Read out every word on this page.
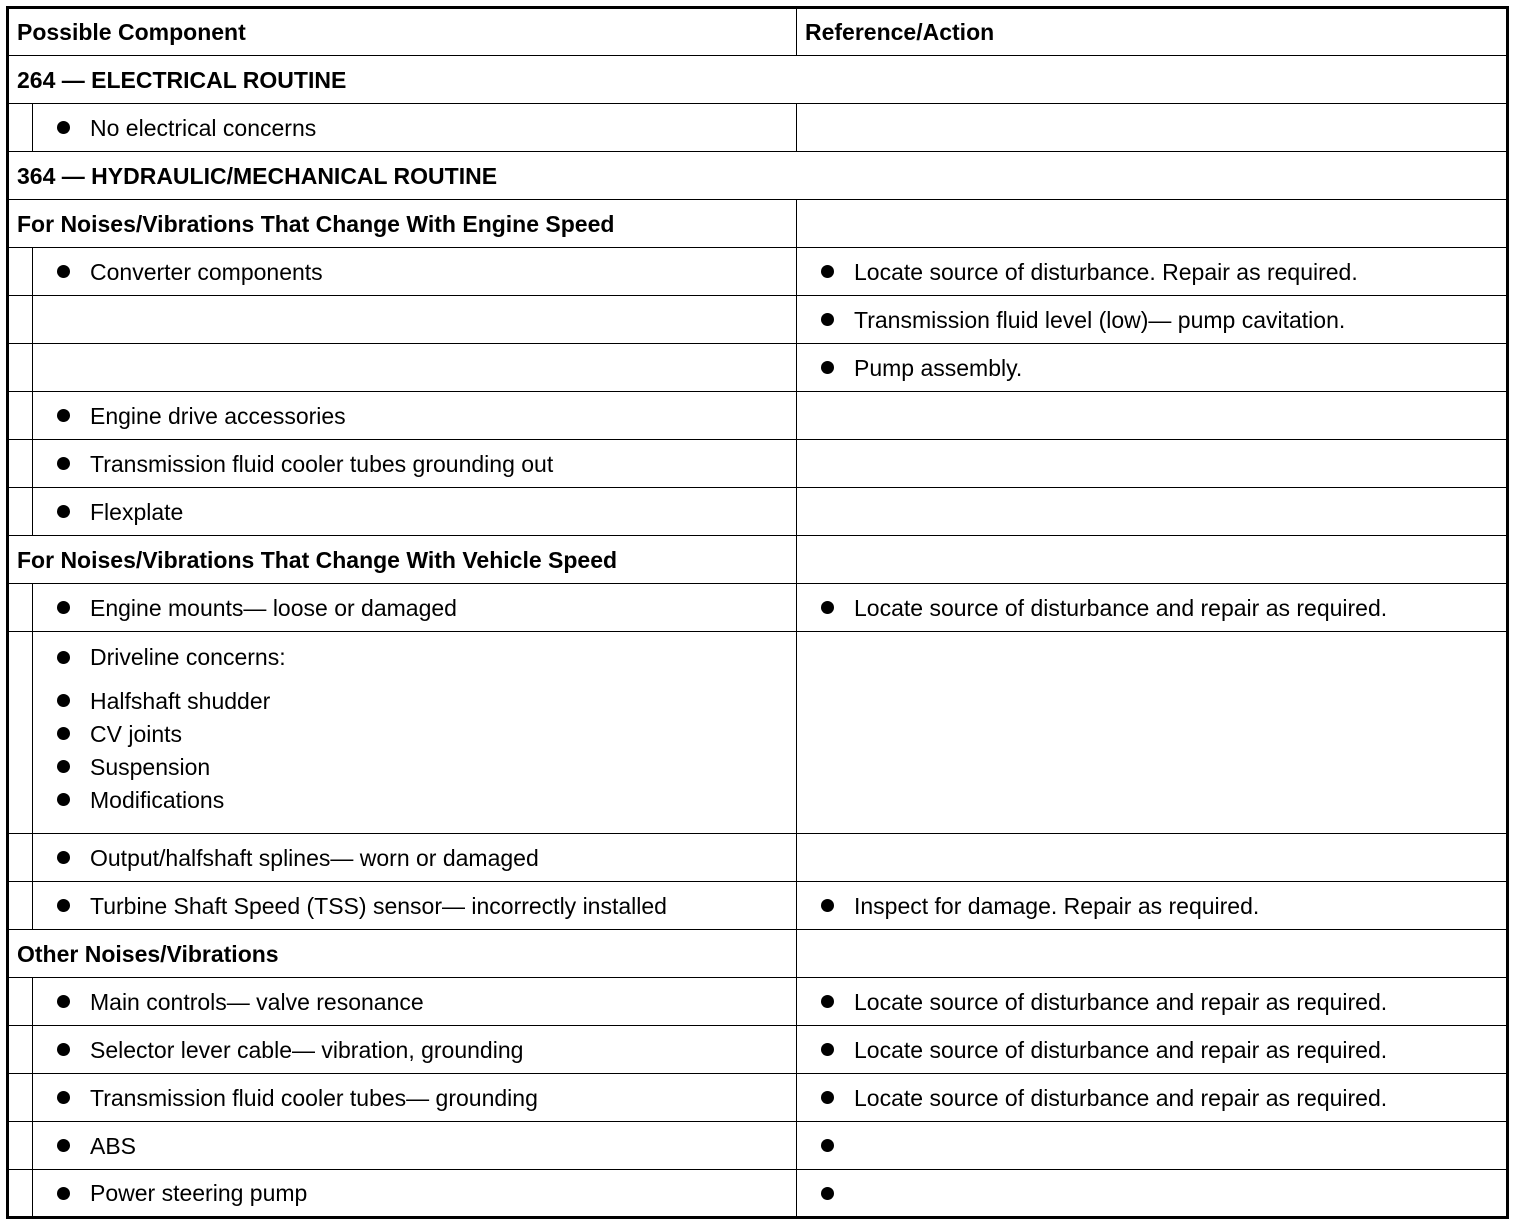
Possible Component		Reference/Action
264 — ELECTRICAL ROUTINE		

	No electrical concerns	

364 — HYDRAULIC/MECHANICAL ROUTINE		
For Noises/Vibrations That Change With Engine Speed		

	Converter components	Locate source of disturbance. Repair as required.

		Transmission fluid level (low)— pump cavitation.

		Pump assembly.

	Engine drive accessories	

	Transmission fluid cooler tubes grounding out	

	Flexplate	

For Noises/Vibrations That Change With Vehicle Speed		

	Engine mounts— loose or damaged	Locate source of disturbance and repair as required.

	Driveline concerns:
Halfshaft shudder
CV joints
Suspension
Modifications	

	Output/halfshaft splines— worn or damaged	

	Turbine Shaft Speed (TSS) sensor— incorrectly installed	Inspect for damage. Repair as required.

Other Noises/Vibrations		

	Main controls— valve resonance	Locate source of disturbance and repair as required.

	Selector lever cable— vibration, grounding	Locate source of disturbance and repair as required.

	Transmission fluid cooler tubes— grounding	Locate source of disturbance and repair as required.

	ABS	

	Power steering pump	
